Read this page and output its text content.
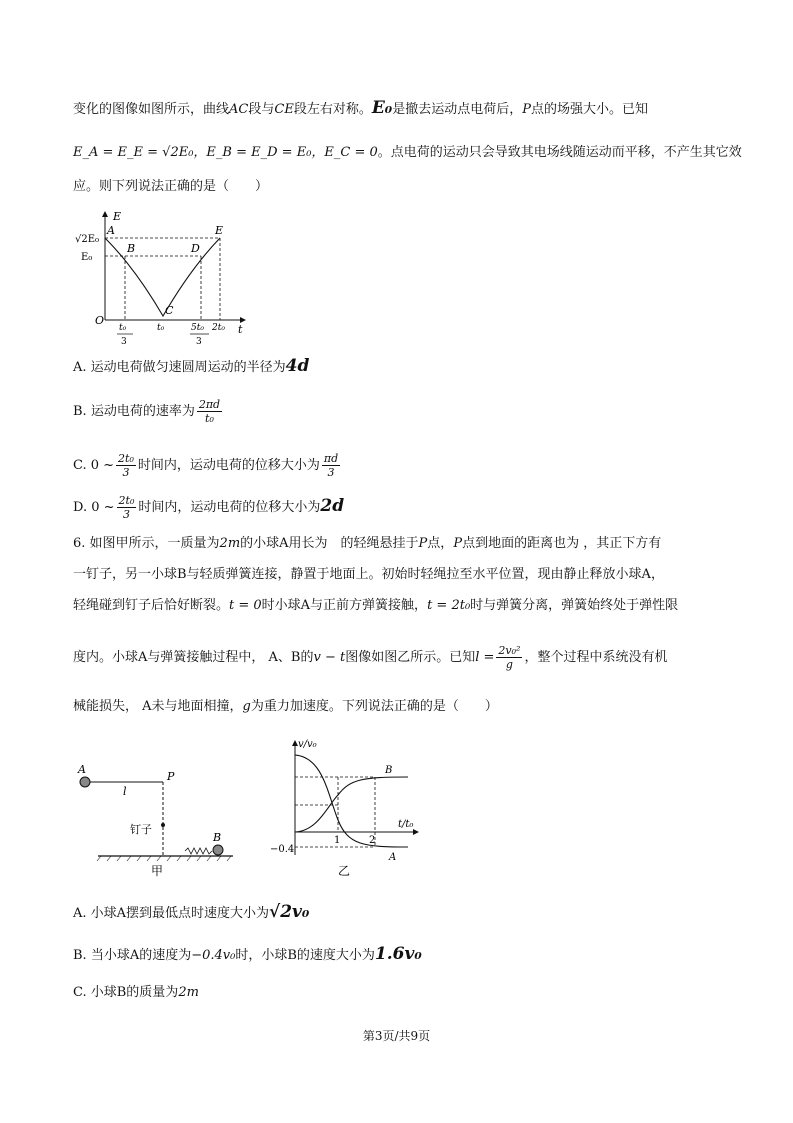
变化的图像如图所示，曲线AC段与CE段左右对称。E₀是撤去运动点电荷后，P点的场强大小。已知
E_A = E_E = √2E₀，E_B = E_D = E₀，E_C = 0。点电荷的运动只会导致其电场线随运动而平移，不产生其它效
应。则下列说法正确的是（　　）
E
t
O
√2E₀
E₀
A
B
C
D
E
t₀
3
t₀	5t₀
3
2t₀
A. 运动电荷做匀速圆周运动的半径为4d
B. 运动电荷的速率为 $\frac{2\pi d}{\text{t₀}}$
C. 0 ~ $\frac{\text{2t₀}}{3}$ 时间内，运动电荷的位移大小为 $\frac{\pi d}{3}$
D. 0 ~ $\frac{\text{2t₀}}{3}$ 时间内，运动电荷的位移大小为2d
6. 如图甲所示，一质量为2m的小球A用长为　的轻绳悬挂于P点，P点到地面的距离也为 ，其正下方有
一钉子，另一小球B与轻质弹簧连接，静置于地面上。初始时轻绳拉至水平位置，现由静止释放小球A，
轻绳碰到钉子后恰好断裂。t = 0时小球A与正前方弹簧接触，t = 2t₀时与弹簧分离，弹簧始终处于弹性限
度内。小球A与弹簧接触过程中， A、B的v − t图像如图乙所示。已知$l = \frac{\text{2v₀²}}{g}$ ，整个过程中系统没有机
械能损失， A未与地面相撞，g为重力加速度。下列说法正确的是（　　）
A
P
l
钉子
B
甲
v/v₀
t/t₀
−0.4
1	2
A
B
乙
A. 小球A摆到最低点时速度大小为√2v₀
B. 当小球A的速度为−0.4v₀时，小球B的速度大小为1.6v₀
C. 小球B的质量为2m
第3页/共9页
